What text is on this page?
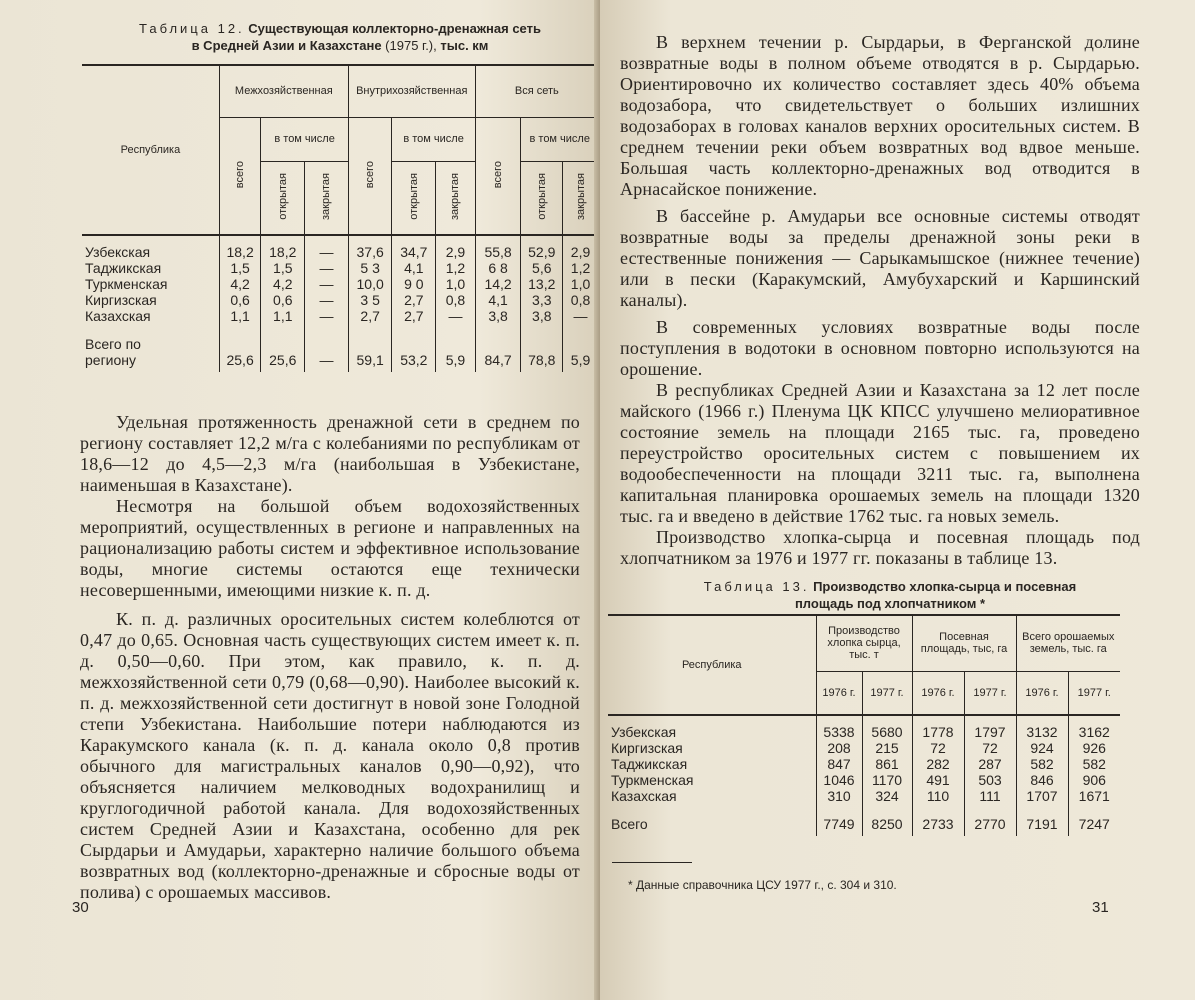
Таблица 12. Существующая коллекторно-дренажная сеть
в Средней Азии и Казахстане (1975 г.), тыс. км
Республика	Межхозяйственная			Внутрихозяйственная			Вся сеть		
	всего	в том числе		всего	в том числе		всего	в том числе	
		открытая	закрытая		открытая	закрытая		открытая	закрытая
Узбекская	18,2	18,2	—	37,6	34,7	2,9	55,8	52,9	2,9
Таджикская	1,5	1,5	—	5 3	4,1	1,2	6 8	5,6	1,2
Туркменская	4,2	4,2	—	10,0	9 0	1,0	14,2	13,2	1,0
Киргизская	0,6	0,6	—	3 5	2,7	0,8	4,1	3,3	0,8
Казахская	1,1	1,1	—	2,7	2,7	—	3,8	3,8	—

Всего по
региону	25,6	25,6	—	59,1	53,2	5,9	84,7	78,8	5,9

Удельная протяженность дренажной сети в среднем по региону составляет 12,2 м/га с колебаниями по республикам от 18,6—12 до 4,5—2,3 м/га (наибольшая в Узбекистане, наименьшая в Казахстане).

Несмотря на большой объем водохозяйственных мероприятий, осуществленных в регионе и направленных на рационализацию работы систем и эффективное использование воды, многие системы остаются еще технически несовершенными, имеющими низкие к. п. д.

К. п. д. различных оросительных систем колеблются от 0,47 до 0,65. Основная часть существующих систем имеет к. п. д. 0,50—0,60. При этом, как правило, к. п. д. межхозяйственной сети 0,79 (0,68—0,90). Наиболее высокий к. п. д. межхозяйственной сети достигнут в новой зоне Голодной степи Узбекистана. Наибольшие потери наблюдаются из Каракумского канала (к. п. д. канала около 0,8 против обычного для магистральных каналов 0,90—0,92), что объясняется наличием мелководных водохранилищ и круглогодичной работой канала. Для водохозяйственных систем Средней Азии и Казахстана, особенно для рек Сырдарьи и Амударьи, характерно наличие большого объема возвратных вод (коллекторно-дренажные и сбросные воды от полива) с орошаемых массивов.

30

В верхнем течении р. Сырдарьи, в Ферганской долине возвратные воды в полном объеме отводятся в р. Сырдарью. Ориентировочно их количество составляет здесь 40% объема водозабора, что свидетельствует о больших излишних водозаборах в головах каналов верхних оросительных систем. В среднем течении реки объем возвратных вод вдвое меньше. Большая часть коллекторно-дренажных вод отводится в Арнасайское понижение.

В бассейне р. Амударьи все основные системы отводят возвратные воды за пределы дренажной зоны реки в естественные понижения — Сарыкамышское (нижнее течение) или в пески (Каракумский, Амубухарский и Каршинский каналы).

В современных условиях возвратные воды после поступления в водотоки в основном повторно используются на орошение.

В республиках Средней Азии и Казахстана за 12 лет после майского (1966 г.) Пленума ЦК КПСС улучшено мелиоративное состояние земель на площади 2165 тыс. га, проведено переустройство оросительных систем с повышением их водообеспеченности на площади 3211 тыс. га, выполнена капитальная планировка орошаемых земель на площади 1320 тыс. га и введено в действие 1762 тыс. га новых земель.

Производство хлопка-сырца и посевная площадь под хлопчатником за 1976 и 1977 гг. показаны в таблице 13.

Таблица 13. Производство хлопка-сырца и посевная
площадь под хлопчатником *
Республика	Производство хлопка сырца, тыс. т		Посевная площадь, тыс, га		Всего орошаемых земель, тыс. га	
	1976 г.	1977 г.	1976 г.	1977 г.	1976 г.	1977 г.
Узбекская	5338	5680	1778	1797	3132	3162
Киргизская	208	215	72	72	924	926
Таджикская	847	861	282	287	582	582
Туркменская	1046	1170	491	503	846	906
Казахская	310	324	110	111	1707	1671

Всего	7749	8250	2733	2770	7191	7247
* Данные справочника ЦСУ 1977 г., с. 304 и 310.
31
